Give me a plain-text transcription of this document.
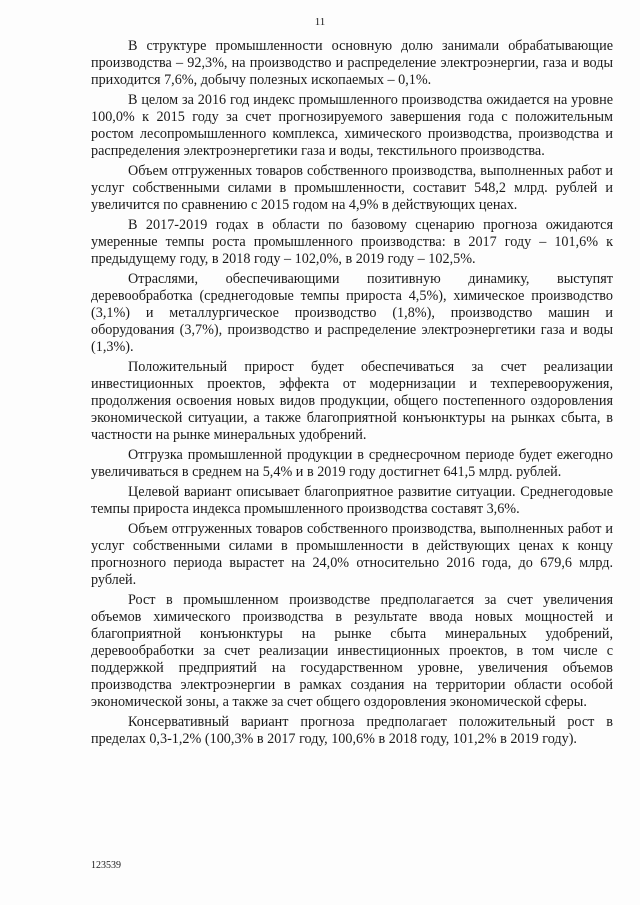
11

В структуре промышленности основную долю занимали обрабатывающие производства – 92,3%, на производство и распределение электроэнергии, газа и воды приходится 7,6%, добычу полезных ископаемых – 0,1%.

В целом за 2016 год индекс промышленного производства ожидается на уровне 100,0% к 2015 году за счет прогнозируемого завершения года с положительным ростом лесопромышленного комплекса, химического производства, производства и распределения электроэнергетики газа и воды, текстильного производства.

Объем отгруженных товаров собственного производства, выполненных работ и услуг собственными силами в промышленности, составит 548,2 млрд. рублей и увеличится по сравнению с 2015 годом на 4,9% в действующих ценах.

В 2017-2019 годах в области по базовому сценарию прогноза ожидаются умеренные темпы роста промышленного производства: в 2017 году – 101,6% к предыдущему году, в 2018 году – 102,0%, в 2019 году – 102,5%.

Отраслями, обеспечивающими позитивную динамику, выступят деревообработка (среднегодовые темпы прироста 4,5%), химическое производство (3,1%) и металлургическое производство (1,8%), производство машин и оборудования (3,7%), производство и распределение электроэнергетики газа и воды (1,3%).

Положительный прирост будет обеспечиваться за счет реализации инвестиционных проектов, эффекта от модернизации и техперевооружения, продолжения освоения новых видов продукции, общего постепенного оздоровления экономической ситуации, а также благоприятной конъюнктуры на рынках сбыта, в частности на рынке минеральных удобрений.

Отгрузка промышленной продукции в среднесрочном периоде будет ежегодно увеличиваться в среднем на 5,4% и в 2019 году достигнет 641,5 млрд. рублей.

Целевой вариант описывает благоприятное развитие ситуации. Среднегодовые темпы прироста индекса промышленного производства составят 3,6%.

Объем отгруженных товаров собственного производства, выполненных работ и услуг собственными силами в промышленности в действующих ценах к концу прогнозного периода вырастет на 24,0% относительно 2016 года, до 679,6 млрд. рублей.

Рост в промышленном производстве предполагается за счет увеличения объемов химического производства в результате ввода новых мощностей и благоприятной конъюнктуры на рынке сбыта минеральных удобрений, деревообработки за счет реализации инвестиционных проектов, в том числе с поддержкой предприятий на государственном уровне, увеличения объемов производства электроэнергии в рамках создания на территории области особой экономической зоны, а также за счет общего оздоровления экономической сферы.

Консервативный вариант прогноза предполагает положительный рост в пределах 0,3-1,2% (100,3% в 2017 году, 100,6% в 2018 году, 101,2% в 2019 году).

123539
